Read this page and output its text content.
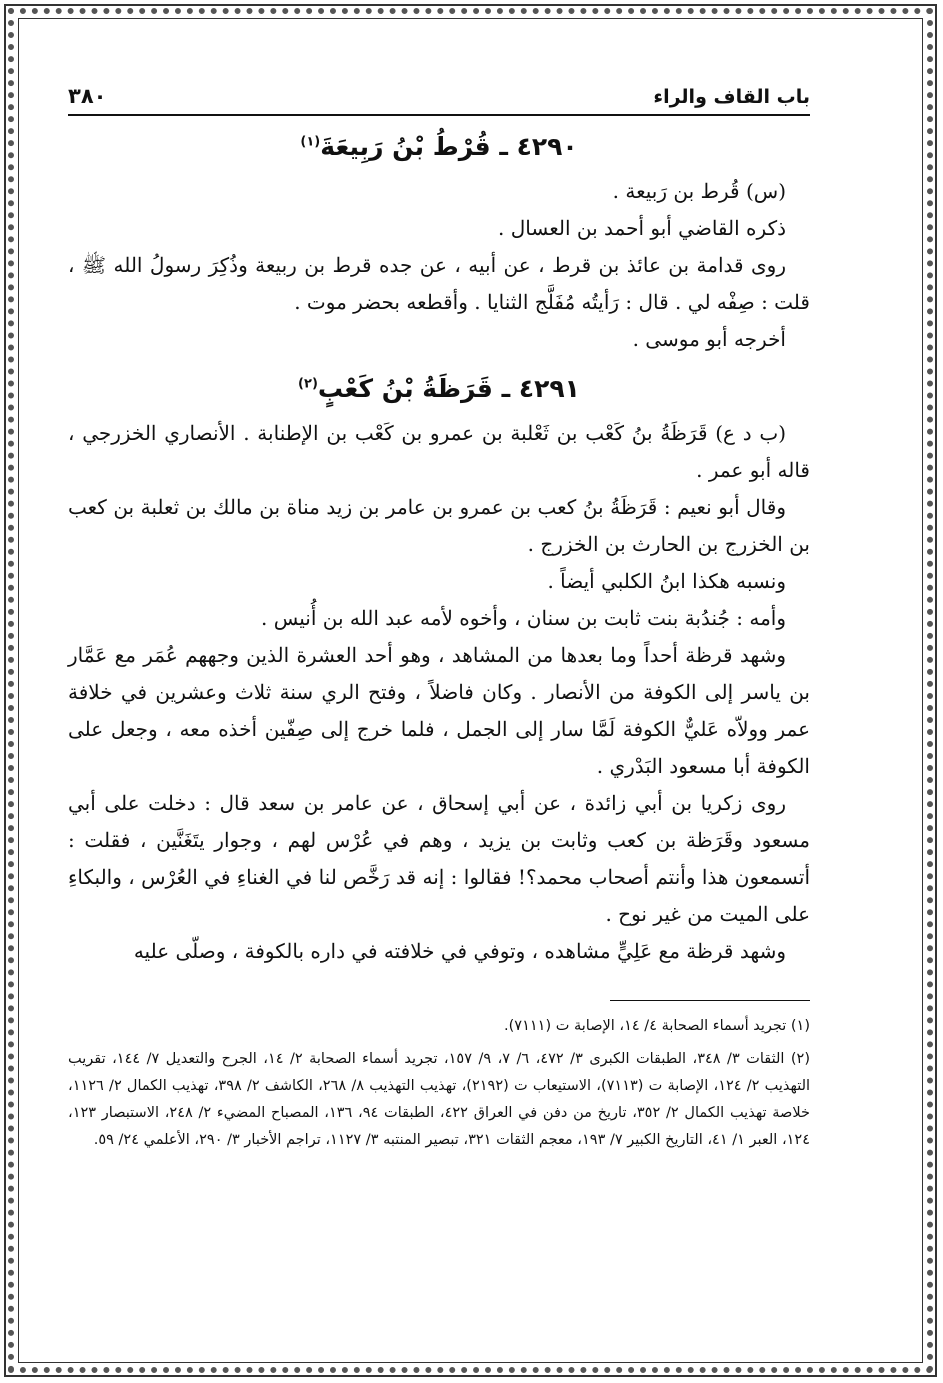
باب القاف والراء
٣٨٠
٤٢٩٠ ـ قُرْطُ بْنُ رَبِيعَةَ$^{(١)}$

(س) قُرط بن رَبيعة .

ذكره القاضي أبو أحمد بن العسال .

روى قدامة بن عائذ بن قرط ، عن أبيه ، عن جده قرط بن ربيعة وذُكِرَ رسولُ الله ﷺ ، قلت : صِفْه لي . قال : رَأيتُه مُفَلَّج الثنايا . وأقطعه بحضر موت .

أخرجه أبو موسى .

٤٢٩١ ـ قَرَظَةُ بْنُ كَعْبٍ$^{(٢)}$

(ب د ع) قَرَظَةُ بنُ كَعْب بن ثَعْلبة بن عمرو بن كَعْب بن الإطنابة . الأنصاري الخزرجي ، قاله أبو عمر .

وقال أبو نعيم : قَرَظَةُ بنُ كعب بن عمرو بن عامر بن زيد مناة بن مالك بن ثعلبة بن كعب بن الخزرج بن الحارث بن الخزرج .

ونسبه هكذا ابنُ الكلبي أيضاً .

وأمه : جُندُبة بنت ثابت بن سنان ، وأخوه لأمه عبد الله بن أُنيس .

وشهد قرظة أحداً وما بعدها من المشاهد ، وهو أحد العشرة الذين وجههم عُمَر مع عَمَّار بن ياسر إلى الكوفة من الأنصار . وكان فاضلاً ، وفتح الري سنة ثلاث وعشرين في خلافة عمر وولاّه عَليٌّ الكوفة لَمَّا سار إلى الجمل ، فلما خرج إلى صِفّين أخذه معه ، وجعل على الكوفة أبا مسعود البَدْري .

روى زكريا بن أبي زائدة ، عن أبي إسحاق ، عن عامر بن سعد قال : دخلت على أبي مسعود وقَرَظة بن كعب وثابت بن يزيد ، وهم في عُرْس لهم ، وجوار يتَغَنَّين ، فقلت : أتسمعون هذا وأنتم أصحاب محمد؟! فقالوا : إنه قد رَخَّص لنا في الغناءِ في العُرْس ، والبكاءِ على الميت من غير نوح .

وشهد قرظة مع عَلِيٍّ مشاهده ، وتوفي في خلافته في داره بالكوفة ، وصلّى عليه

(١) تجريد أسماء الصحابة ٤/ ١٤، الإصابة ت (٧١١١).

(٢) الثقات ٣/ ٣٤٨، الطبقات الكبرى ٣/ ٤٧٢، ٦/ ٧، ٩/ ١٥٧، تجريد أسماء الصحابة ٢/ ١٤، الجرح والتعديل ٧/ ١٤٤، تقريب التهذيب ٢/ ١٢٤، الإصابة ت (٧١١٣)، الاستيعاب ت (٢١٩٢)، تهذيب التهذيب ٨/ ٢٦٨، الكاشف ٢/ ٣٩٨، تهذيب الكمال ٢/ ١١٢٦، خلاصة تهذيب الكمال ٢/ ٣٥٢، تاريخ من دفن في العراق ٤٢٢، الطبقات ٩٤، ١٣٦، المصباح المضيء ٢/ ٢٤٨، الاستبصار ١٢٣، ١٢٤، العبر ١/ ٤١، التاريخ الكبير ٧/ ١٩٣، معجم الثقات ٣٢١، تبصير المنتبه ٣/ ١١٢٧، تراجم الأخبار ٣/ ٢٩٠، الأعلمي ٢٤/ ٥٩.
